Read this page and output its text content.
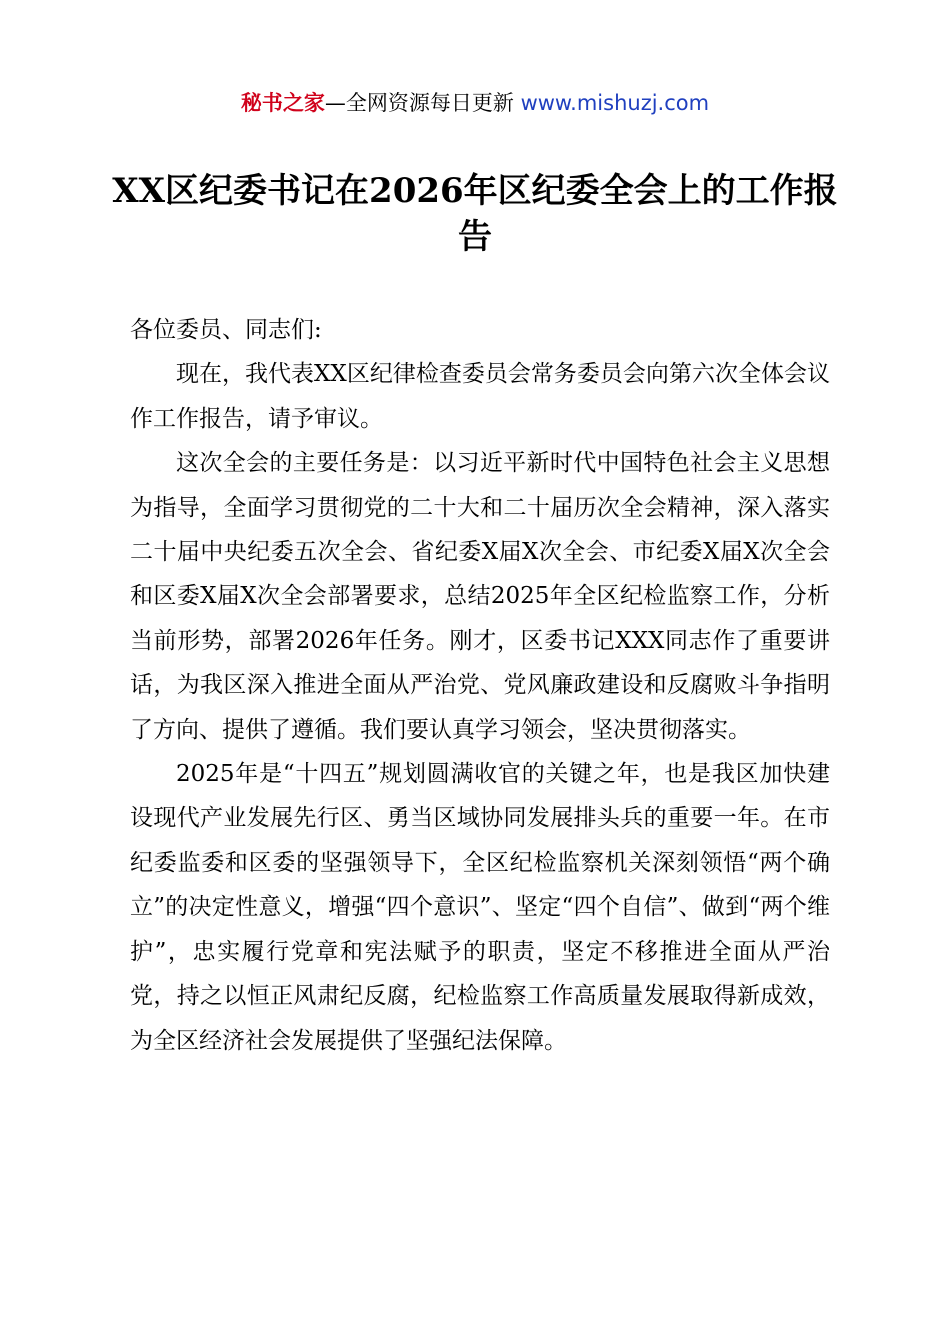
秘书之家—全网资源每日更新 www.mishuzj.com
XX区纪委书记在2026年区纪委全会上的工作报告

各位委员、同志们:

现在，我代表XX区纪律检查委员会常务委员会向第六次全体会议作工作报告，请予审议。

这次全会的主要任务是：以习近平新时代中国特色社会主义思想为指导，全面学习贯彻党的二十大和二十届历次全会精神，深入落实二十届中央纪委五次全会、省纪委X届X次全会、市纪委X届X次全会和区委X届X次全会部署要求，总结2025年全区纪检监察工作，分析当前形势，部署2026年任务。刚才，区委书记XXX同志作了重要讲话，为我区深入推进全面从严治党、党风廉政建设和反腐败斗争指明了方向、提供了遵循。我们要认真学习领会，坚决贯彻落实。

2025年是“十四五”规划圆满收官的关键之年，也是我区加快建设现代产业发展先行区、勇当区域协同发展排头兵的重要一年。在市纪委监委和区委的坚强领导下，全区纪检监察机关深刻领悟“两个确立”的决定性意义，增强“四个意识”、坚定“四个自信”、做到“两个维护”，忠实履行党章和宪法赋予的职责，坚定不移推进全面从严治党，持之以恒正风肃纪反腐，纪检监察工作高质量发展取得新成效，为全区经济社会发展提供了坚强纪法保障。
